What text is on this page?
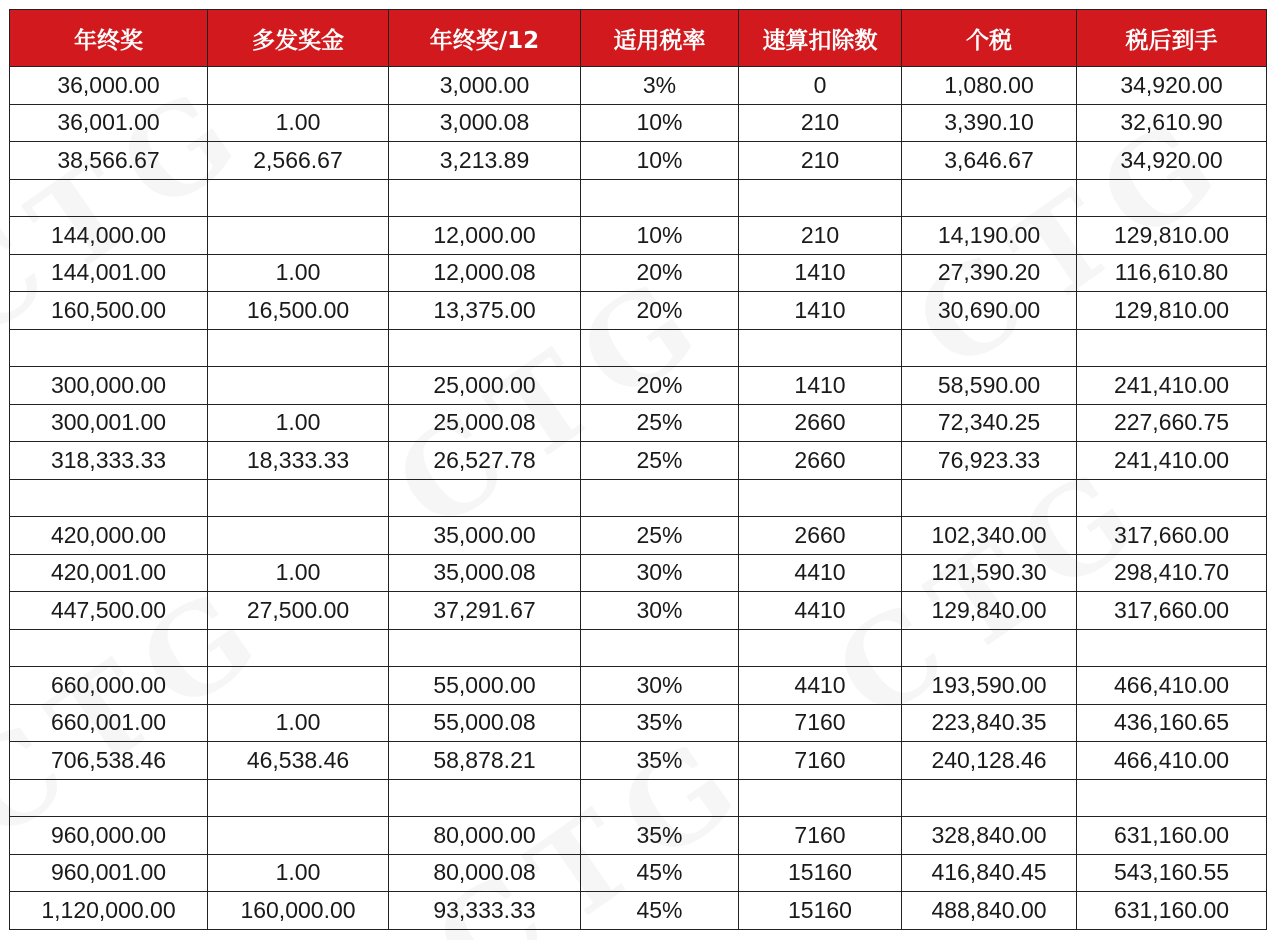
年终奖	多发奖金	年终奖/12	适用税率	速算扣除数	个税	税后到手
36,000.00		3,000.00	3%	0	1,080.00	34,920.00
36,001.00	1.00	3,000.08	10%	210	3,390.10	32,610.90
38,566.67	2,566.67	3,213.89	10%	210	3,646.67	34,920.00

144,000.00		12,000.00	10%	210	14,190.00	129,810.00
144,001.00	1.00	12,000.08	20%	1410	27,390.20	116,610.80
160,500.00	16,500.00	13,375.00	20%	1410	30,690.00	129,810.00

300,000.00		25,000.00	20%	1410	58,590.00	241,410.00
300,001.00	1.00	25,000.08	25%	2660	72,340.25	227,660.75
318,333.33	18,333.33	26,527.78	25%	2660	76,923.33	241,410.00

420,000.00		35,000.00	25%	2660	102,340.00	317,660.00
420,001.00	1.00	35,000.08	30%	4410	121,590.30	298,410.70
447,500.00	27,500.00	37,291.67	30%	4410	129,840.00	317,660.00

660,000.00		55,000.00	30%	4410	193,590.00	466,410.00
660,001.00	1.00	55,000.08	35%	7160	223,840.35	436,160.65
706,538.46	46,538.46	58,878.21	35%	7160	240,128.46	466,410.00

960,000.00		80,000.00	35%	7160	328,840.00	631,160.00
960,001.00	1.00	80,000.08	45%	15160	416,840.45	543,160.55
1,120,000.00	160,000.00	93,333.33	45%	15160	488,840.00	631,160.00
